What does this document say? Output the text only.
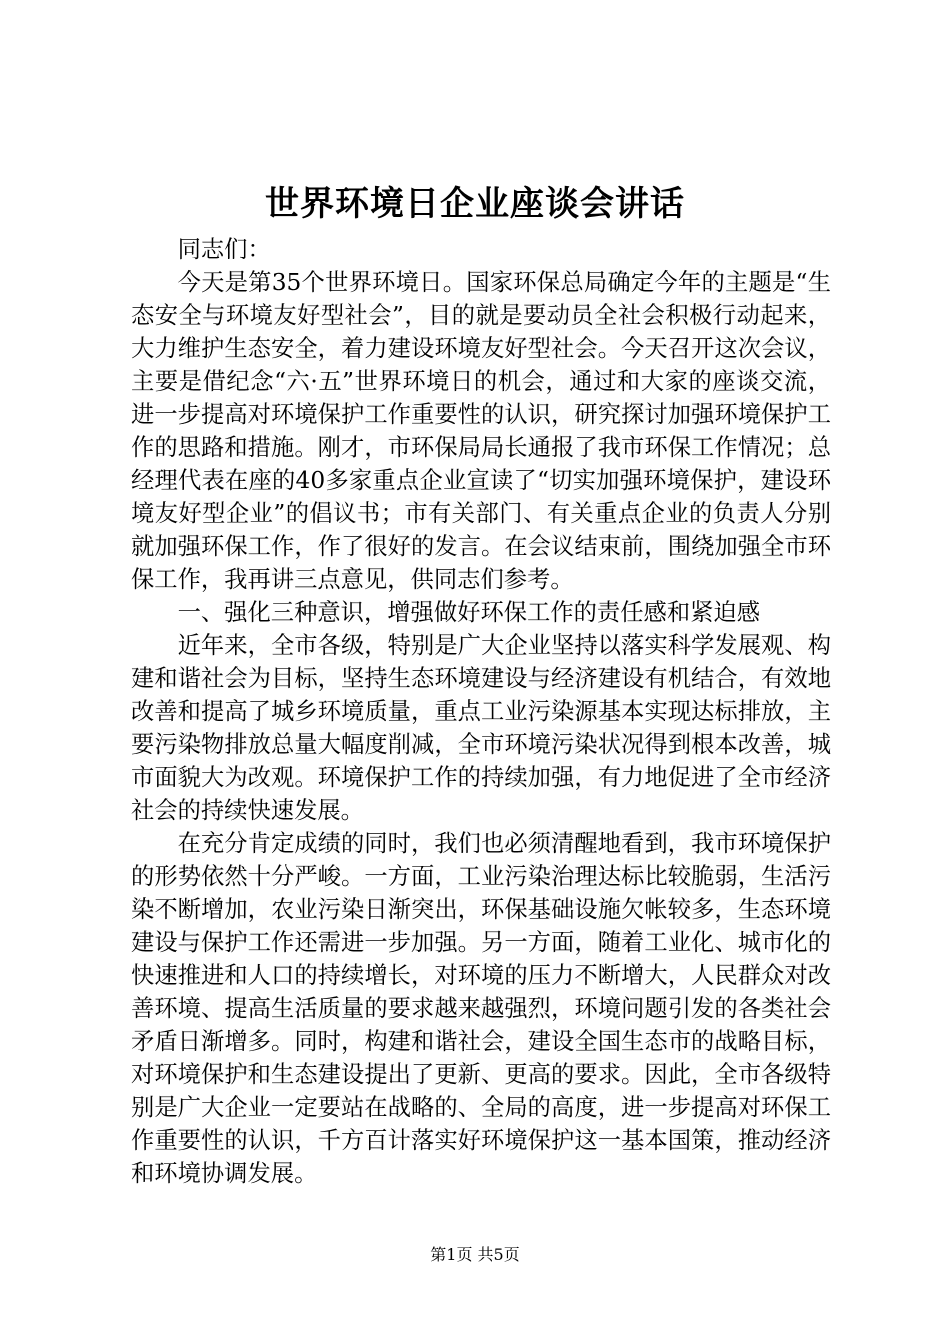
世界环境日企业座谈会讲话

同志们：

今天是第35个世界环境日。国家环保总局确定今年的主题是“生态安全与环境友好型社会”，目的就是要动员全社会积极行动起来，大力维护生态安全，着力建设环境友好型社会。今天召开这次会议，主要是借纪念“六·五”世界环境日的机会，通过和大家的座谈交流，进一步提高对环境保护工作重要性的认识，研究探讨加强环境保护工作的思路和措施。刚才，市环保局局长通报了我市环保工作情况；总经理代表在座的40多家重点企业宣读了“切实加强环境保护，建设环境友好型企业”的倡议书；市有关部门、有关重点企业的负责人分别就加强环保工作，作了很好的发言。在会议结束前，围绕加强全市环保工作，我再讲三点意见，供同志们参考。

一、强化三种意识，增强做好环保工作的责任感和紧迫感

近年来，全市各级，特别是广大企业坚持以落实科学发展观、构建和谐社会为目标，坚持生态环境建设与经济建设有机结合，有效地改善和提高了城乡环境质量，重点工业污染源基本实现达标排放，主要污染物排放总量大幅度削减，全市环境污染状况得到根本改善，城市面貌大为改观。环境保护工作的持续加强，有力地促进了全市经济社会的持续快速发展。

在充分肯定成绩的同时，我们也必须清醒地看到，我市环境保护的形势依然十分严峻。一方面，工业污染治理达标比较脆弱，生活污染不断增加，农业污染日渐突出，环保基础设施欠帐较多，生态环境建设与保护工作还需进一步加强。另一方面，随着工业化、城市化的快速推进和人口的持续增长，对环境的压力不断增大，人民群众对改善环境、提高生活质量的要求越来越强烈，环境问题引发的各类社会矛盾日渐增多。同时，构建和谐社会，建设全国生态市的战略目标，对环境保护和生态建设提出了更新、更高的要求。因此，全市各级特别是广大企业一定要站在战略的、全局的高度，进一步提高对环保工作重要性的认识，千方百计落实好环境保护这一基本国策，推动经济和环境协调发展。

第1页 共5页
